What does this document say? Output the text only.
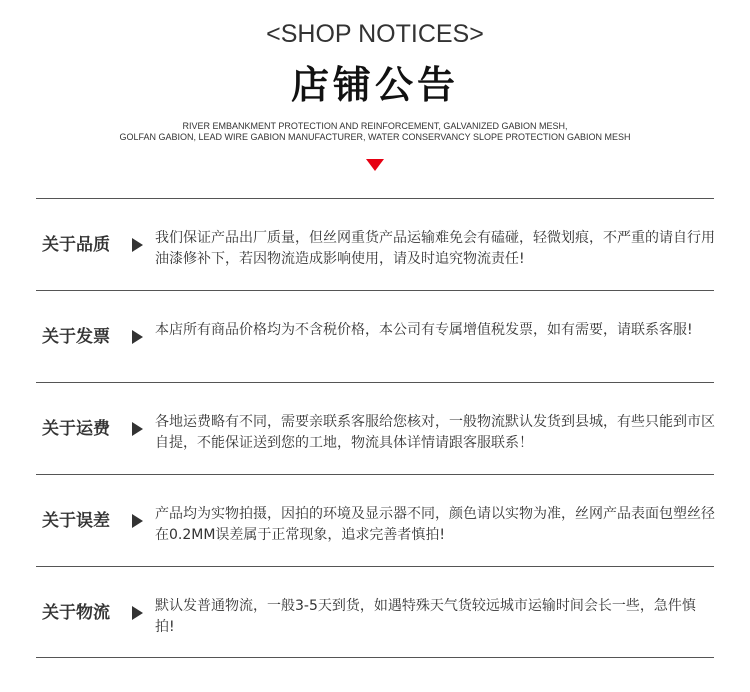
<SHOP NOTICES>
店铺公告
RIVER EMBANKMENT PROTECTION AND REINFORCEMENT, GALVANIZED GABION MESH,
GOLFAN GABION, LEAD WIRE GABION MANUFACTURER, WATER CONSERVANCY SLOPE PROTECTION GABION MESH
关于品质	我们保证产品出厂质量，但丝网重货产品运输难免会有磕碰，轻微划痕，不严重的请自行用油漆修补下，若因物流造成影响使用，请及时追究物流责任!
关于发票	本店所有商品价格均为不含税价格，本公司有专属增值税发票，如有需要，请联系客服!
关于运费	各地运费略有不同，需要亲联系客服给您核对，一般物流默认发货到县城，有些只能到市区自提，不能保证送到您的工地，物流具体详情请跟客服联系！
关于误差	产品均为实物拍摄，因拍的环境及显示器不同，颜色请以实物为准，丝网产品表面包塑丝径在0.2MM误差属于正常现象，追求完善者慎拍!
关于物流	默认发普通物流，一般3-5天到货，如遇特殊天气货较远城市运输时间会长一些，急件慎拍!
